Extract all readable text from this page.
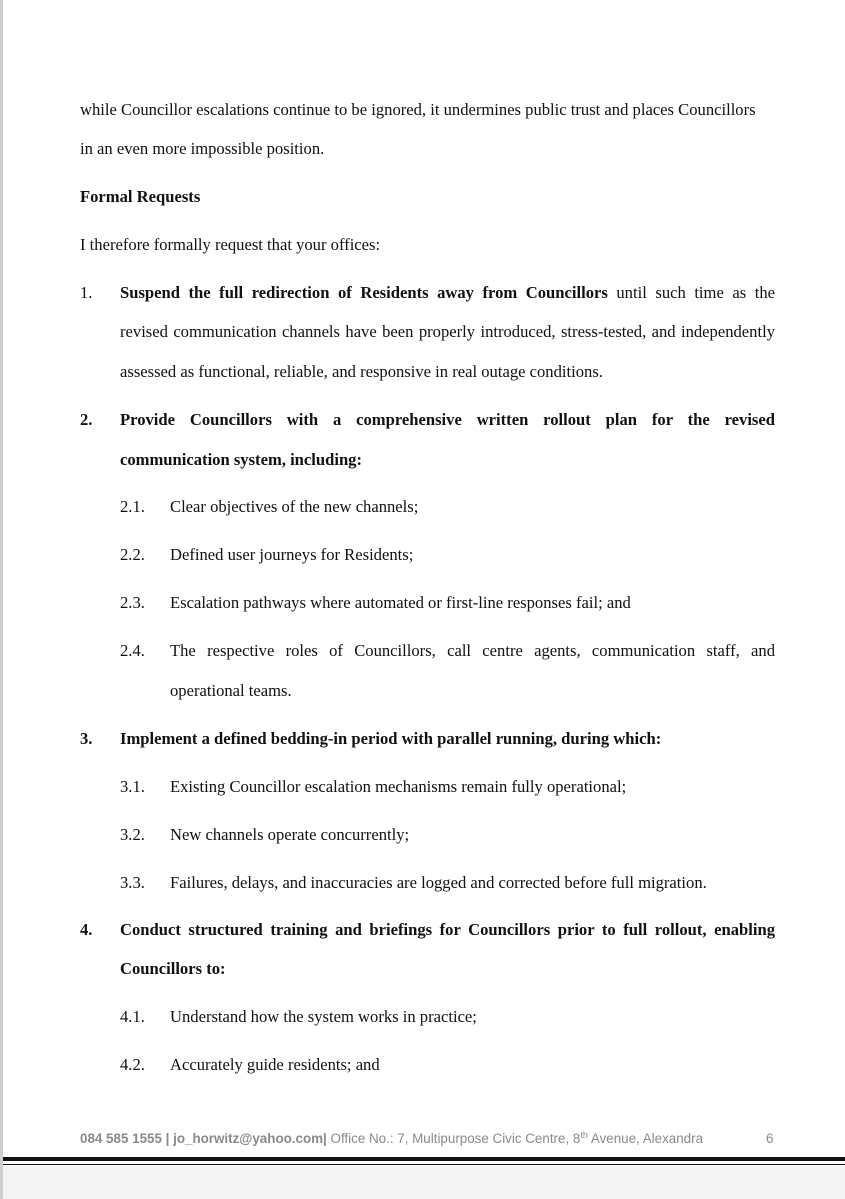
while Councillor escalations continue to be ignored, it undermines public trust and places Councillors
in an even more impossible position.
Formal Requests
I therefore formally request that your offices:
1. Suspend the full redirection of Residents away from Councillors until such time as the
revised communication channels have been properly introduced, stress-tested, and independently
assessed as functional, reliable, and responsive in real outage conditions.
2. Provide Councillors with a comprehensive written rollout plan for the revised
communication system, including:
2.1. Clear objectives of the new channels;
2.2. Defined user journeys for Residents;
2.3. Escalation pathways where automated or first-line responses fail; and
2.4. The respective roles of Councillors, call centre agents, communication staff, and
operational teams.
3. Implement a defined bedding-in period with parallel running, during which:
3.1. Existing Councillor escalation mechanisms remain fully operational;
3.2. New channels operate concurrently;
3.3. Failures, delays, and inaccuracies are logged and corrected before full migration.
4. Conduct structured training and briefings for Councillors prior to full rollout, enabling
Councillors to:
4.1. Understand how the system works in practice;
4.2. Accurately guide residents; and
084 585 1555 | jo_horwitz@yahoo.com| Office No.: 7, Multipurpose Civic Centre, 8th Avenue, Alexandra	6
